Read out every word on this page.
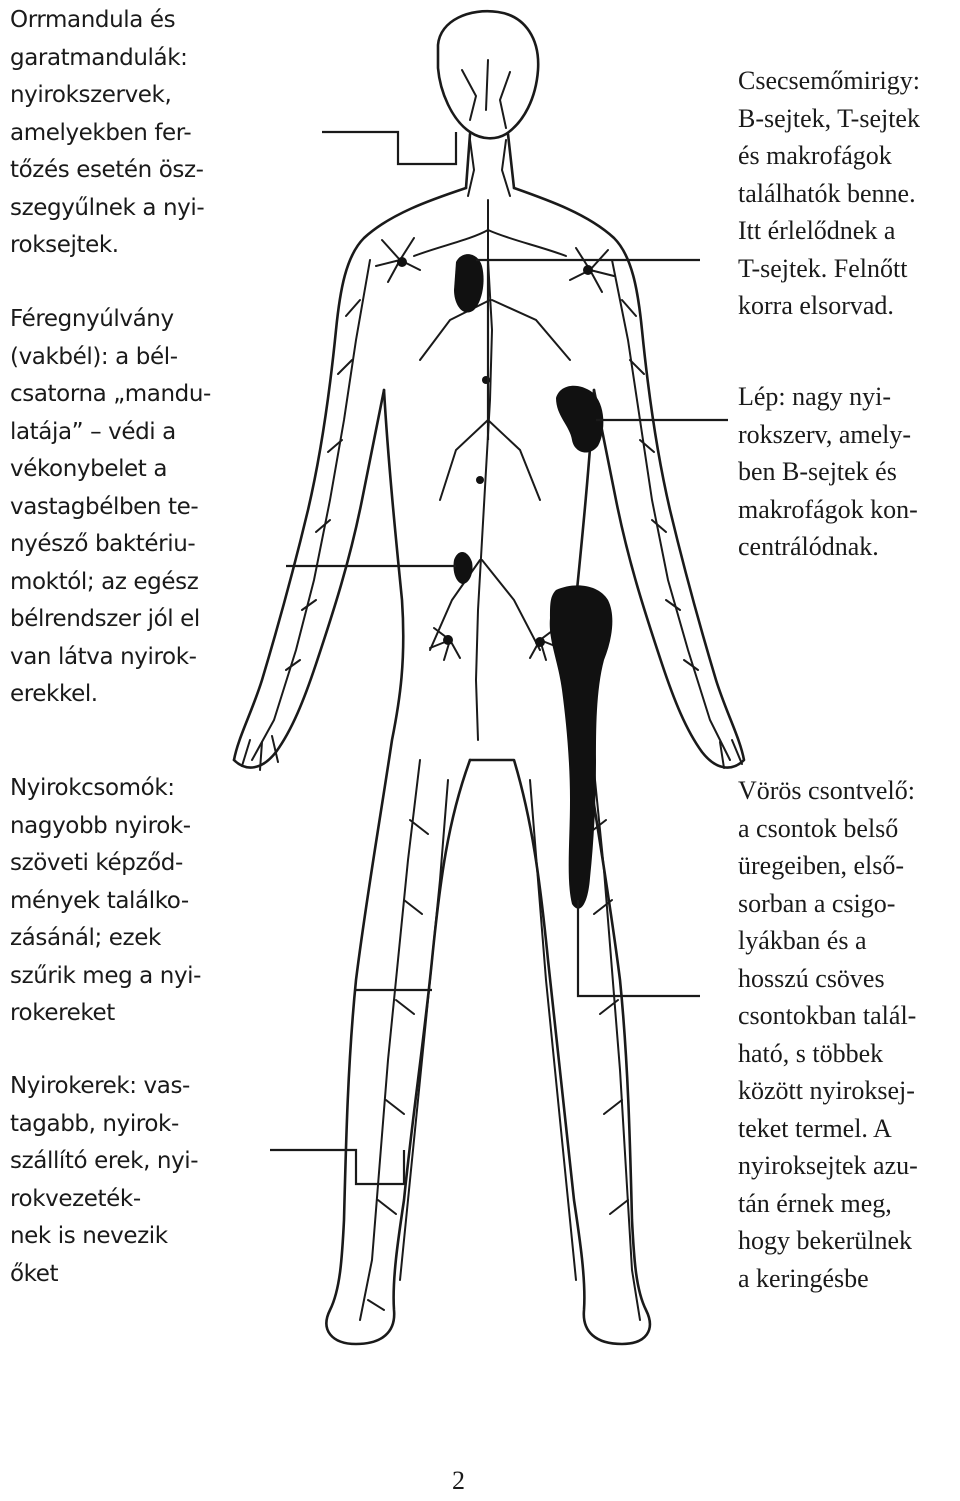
Orrmandula és
garatmandulák:
nyirokszervek,
amelyekben fer-
tőzés esetén ösz-
szegyűlnek a nyi-
roksejtek.

Féregnyúlvány
(vakbél): a bél-
csatorna „mandu-
latája” – védi a
vékonybelet a
vastagbélben te-
nyésző baktériu-
moktól; az egész
bélrendszer jól el
van látva nyirok-
erekkel.

Nyirokcsomók:
nagyobb nyirok-
szöveti képződ-
mények találko-
zásánál; ezek
szűrik meg a nyi-
rokereket

Nyirokerek: vas-
tagabb, nyirok-
szállító erek, nyi-
rokvezeték-
nek is nevezik
őket

Csecsemőmirigy:
B-sejtek, T-sejtek
és makrofágok
találhatók benne.
Itt érlelődnek a
T-sejtek. Felnőtt
korra elsorvad.

Lép: nagy nyi-
rokszerv, amely-
ben B-sejtek és
makrofágok kon-
centrálódnak.

Vörös csontvelő:
a csontok belső
üregeiben, első-
sorban a csigo-
lyákban és a
hosszú csöves
csontokban talál-
ható, s többek
között nyiroksej-
teket termel. A
nyiroksejtek azu-
tán érnek meg,
hogy bekerülnek
a keringésbe

2
